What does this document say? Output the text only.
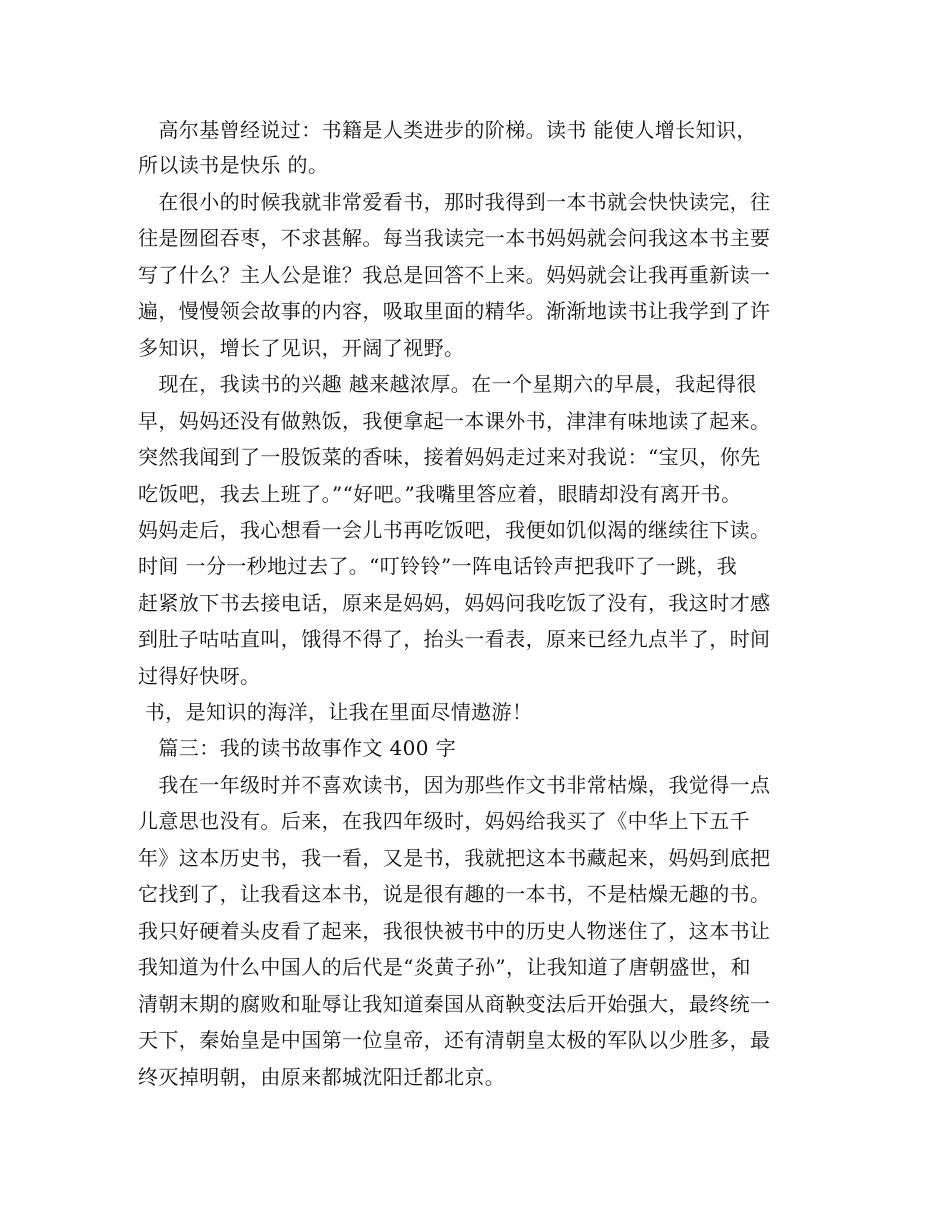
　高尔基曾经说过：书籍是人类进步的阶梯。读书 能使人增长知识，
所以读书是快乐 的。
　在很小的时候我就非常爱看书，那时我得到一本书就会快快读完，往
往是囫囵吞枣，不求甚解。每当我读完一本书妈妈就会问我这本书主要
写了什么？主人公是谁？我总是回答不上来。妈妈就会让我再重新读一
遍，慢慢领会故事的内容，吸取里面的精华。渐渐地读书让我学到了许
多知识，增长了见识，开阔了视野。
　现在，我读书的兴趣 越来越浓厚。在一个星期六的早晨，我起得很
早，妈妈还没有做熟饭，我便拿起一本课外书，津津有味地读了起来。
突然我闻到了一股饭菜的香味，接着妈妈走过来对我说：“宝贝，你先
吃饭吧，我去上班了。”“好吧。”我嘴里答应着，眼睛却没有离开书。
妈妈走后，我心想看一会儿书再吃饭吧，我便如饥似渴的继续往下读。
时间 一分一秒地过去了。“叮铃铃”一阵电话铃声把我吓了一跳，我
赶紧放下书去接电话，原来是妈妈，妈妈问我吃饭了没有，我这时才感
到肚子咕咕直叫，饿得不得了，抬头一看表，原来已经九点半了，时间
过得好快呀。
书，是知识的海洋，让我在里面尽情遨游！
　篇三：我的读书故事作文 400 字
　我在一年级时并不喜欢读书，因为那些作文书非常枯燥，我觉得一点
儿意思也没有。后来，在我四年级时，妈妈给我买了《中华上下五千
年》这本历史书，我一看，又是书，我就把这本书藏起来，妈妈到底把
它找到了，让我看这本书，说是很有趣的一本书，不是枯燥无趣的书。
我只好硬着头皮看了起来，我很快被书中的历史人物迷住了，这本书让
我知道为什么中国人的后代是“炎黄子孙”，让我知道了唐朝盛世，和
清朝末期的腐败和耻辱让我知道秦国从商鞅变法后开始强大，最终统一
天下，秦始皇是中国第一位皇帝，还有清朝皇太极的军队以少胜多，最
终灭掉明朝，由原来都城沈阳迁都北京。
